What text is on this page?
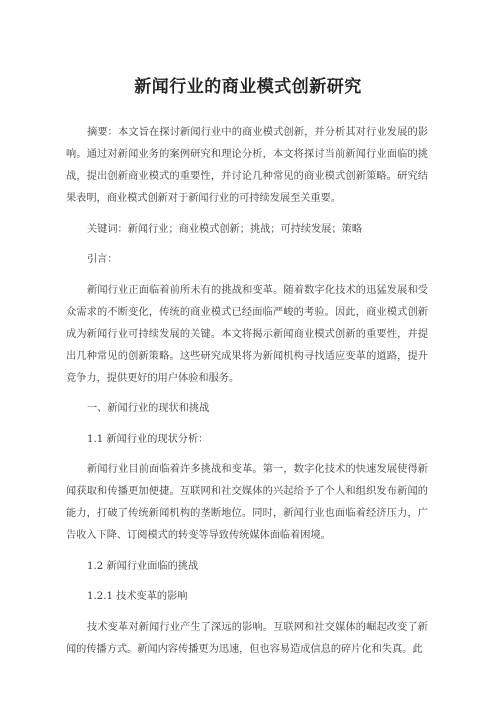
新闻行业的商业模式创新研究

摘要：本文旨在探讨新闻行业中的商业模式创新，并分析其对行业发展的影响。通过对新闻业务的案例研究和理论分析，本文将探讨当前新闻行业面临的挑战，提出创新商业模式的重要性，并讨论几种常见的商业模式创新策略。研究结果表明，商业模式创新对于新闻行业的可持续发展至关重要。

关键词：新闻行业；商业模式创新；挑战；可持续发展；策略

引言：

新闻行业正面临着前所未有的挑战和变革。随着数字化技术的迅猛发展和受众需求的不断变化，传统的商业模式已经面临严峻的考验。因此，商业模式创新成为新闻行业可持续发展的关键。本文将揭示新闻商业模式创新的重要性，并提出几种常见的创新策略。这些研究成果将为新闻机构寻找适应变革的道路，提升竞争力，提供更好的用户体验和服务。

一、新闻行业的现状和挑战

1.1 新闻行业的现状分析：

新闻行业目前面临着许多挑战和变革。第一，数字化技术的快速发展使得新闻获取和传播更加便捷。互联网和社交媒体的兴起给予了个人和组织发布新闻的能力，打破了传统新闻机构的垄断地位。同时，新闻行业也面临着经济压力，广告收入下降、订阅模式的转变等导致传统媒体面临着困境。

1.2 新闻行业面临的挑战

1.2.1 技术变革的影响

技术变革对新闻行业产生了深远的影响。互联网和社交媒体的崛起改变了新闻的传播方式。新闻内容传播更为迅速，但也容易造成信息的碎片化和失真。此
